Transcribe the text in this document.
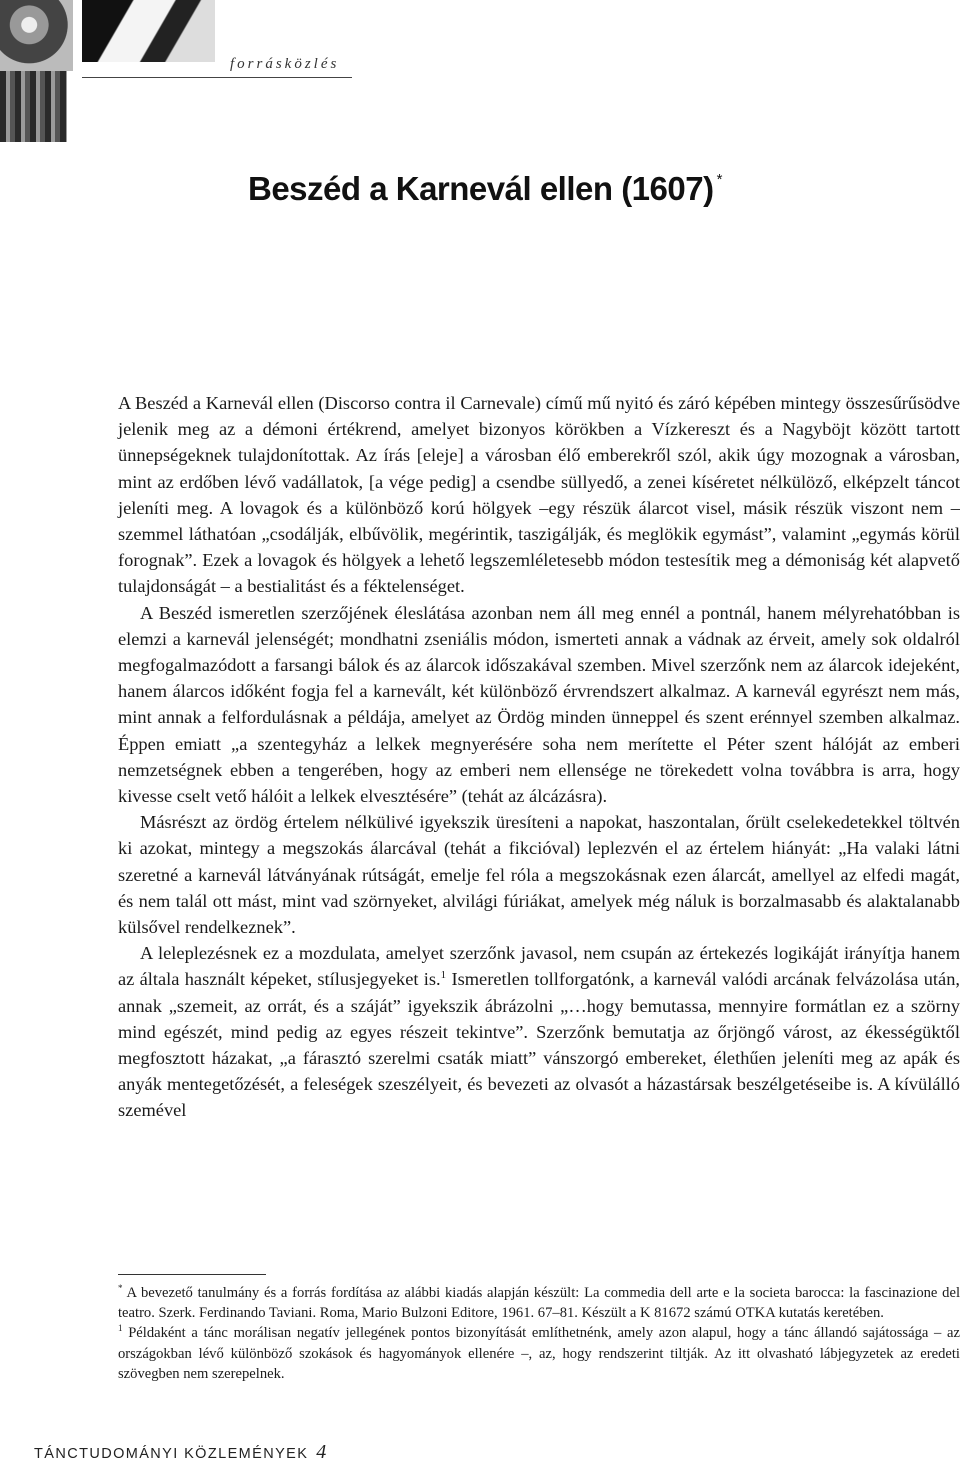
forrásközlés
Beszéd a Karnevál ellen (1607) *

A Beszéd a Karnevál ellen (Discorso contra il Carnevale) című mű nyitó és záró képében mintegy összesűrűsödve jelenik meg az a démoni értékrend, amelyet bizonyos körökben a Vízkereszt és a Nagyböjt között tartott ünnepségeknek tulajdonítottak. Az írás [eleje] a városban élő emberekről szól, akik úgy mozognak a városban, mint az erdőben lévő vadállatok, [a vége pedig] a csendbe süllyedő, a zenei kíséretet nélkülöző, elképzelt táncot jeleníti meg. A lovagok és a különböző korú hölgyek –egy részük álarcot visel, másik részük viszont nem – szemmel láthatóan „csodálják, elbűvölik, megérintik, taszigálják, és meglökik egymást”, valamint „egymás körül forognak”. Ezek a lovagok és hölgyek a lehető legszemléletesebb módon testesítik meg a démoniság két alapvető tulajdonságát – a bestialitást és a féktelenséget.

A Beszéd ismeretlen szerzőjének éleslátása azonban nem áll meg ennél a pontnál, hanem mélyrehatóbban is elemzi a karnevál jelenségét; mondhatni zseniális módon, ismerteti annak a vádnak az érveit, amely sok oldalról megfogalmazódott a farsangi bálok és az álarcok időszakával szemben. Mivel szerzőnk nem az álarcok idejeként, hanem álarcos időként fogja fel a karnevált, két különböző érvrendszert alkalmaz. A karnevál egyrészt nem más, mint annak a felfordulásnak a példája, amelyet az Ördög minden ünneppel és szent erénnyel szemben alkalmaz. Éppen emiatt „a szentegyház a lelkek megnyerésére soha nem merítette el Péter szent hálóját az emberi nemzetségnek ebben a tengerében, hogy az emberi nem ellensége ne törekedett volna továbbra is arra, hogy kivesse cselt vető hálóit a lelkek elvesztésére” (tehát az álcázásra).

Másrészt az ördög értelem nélkülivé igyekszik üresíteni a napokat, haszontalan, őrült cselekedetekkel töltvén ki azokat, mintegy a megszokás álarcával (tehát a fikcióval) leplezvén el az értelem hiányát: „Ha valaki látni szeretné a karnevál látványának rútságát, emelje fel róla a megszokásnak ezen álarcát, amellyel az elfedi magát, és nem talál ott mást, mint vad szörnyeket, alvilági fúriákat, amelyek még náluk is borzalmasabb és alaktalanabb külsővel rendelkeznek”.

A leleplezésnek ez a mozdulata, amelyet szerzőnk javasol, nem csupán az értekezés logikáját irányítja hanem az általa használt képeket, stílusjegyeket is.$^1$ Ismeretlen tollforgatónk, a karnevál valódi arcának felvázolása után, annak „szemeit, az orrát, és a száját” igyekszik ábrázolni „…hogy bemutassa, mennyire formátlan ez a szörny mind egészét, mind pedig az egyes részeit tekintve”. Szerzőnk bemutatja az őrjöngő várost, az ékességüktől megfosztott házakat, „a fárasztó szerelmi csaták miatt” vánszorgó embereket, élethűen jeleníti meg az apák és anyák mentegetőzését, a feleségek szeszélyeit, és bevezeti az olvasót a házastársak beszélgetéseibe is. A kívülálló szemével

* A bevezető tanulmány és a forrás fordítása az alábbi kiadás alapján készült: La commedia dell arte e la societa barocca: la fascinazione del teatro. Szerk. Ferdinando Taviani. Roma, Mario Bulzoni Editore, 1961. 67–81. Készült a K 81672 számú OTKA kutatás keretében.

$^1$ Példaként a tánc morálisan negatív jellegének pontos bizonyítását említhetnénk, amely azon alapul, hogy a tánc állandó sajátossága – az országokban lévő különböző szokások és hagyományok ellenére –, az, hogy rendszerint tiltják. Az itt olvasható lábjegyzetek az eredeti szövegben nem szerepelnek.

TÁNCTUDOMÁNYI KÖZLEMÉNYEK 4
